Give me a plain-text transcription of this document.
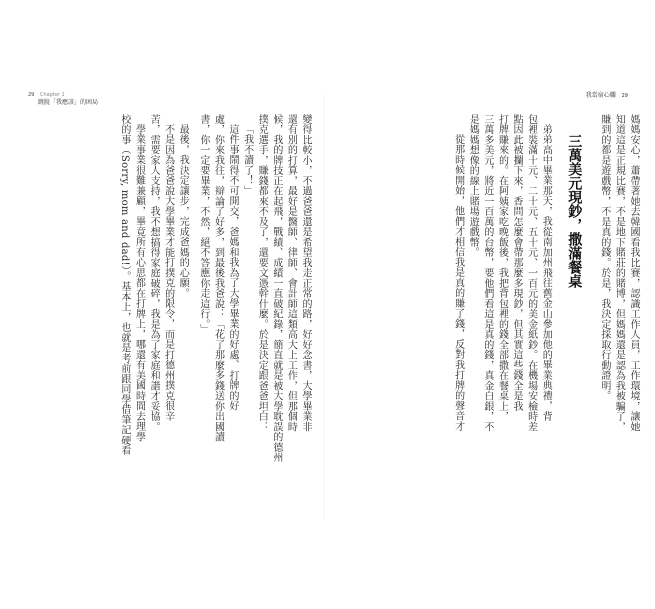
29 Chapter 1
跳脫「我應該」的困局
變得比較小，不過爸爸還是希望我走正常的路，好好念書，大學畢業非
還有別的打算，最好是醫師、律師、會計師這類高大上工作，但那個時
候，我的牌技正在起飛，戰績、成績一直破紀錄，簡直就是被大學耽誤的德州
撲克選手，賺錢都來不及了，還要文憑幹什麼。於是決定跟爸爸坦白：
「我不讀了！」
這件事鬧得不可開交，爸媽和我為了大學畢業的好處、打牌的好
處，你來我往，辯論了好多，到最後我爸說：「花了那麼多錢送你出國讀
書，你一定要畢業，不然，絕不答應你走這行。」
最後，我決定讓步，完成爸媽的心願。
不是因為爸爸說大學畢業才能打撲克的限令，而是打德州撲克很辛
苦，需要家人支持，我不想搞得家庭破碎，我是為了家庭和諧才妥協。
學業事業很難兼顧，畢竟所有心思都在打牌上，哪還有美國時間去理學
校的事（Sorry, mom and dad!）。基本上，也就是考前跟同學借筆記硬看
我當宿心爛 29
媽媽安心，蕭帶著她去韓國看我比賽，認識工作人員，工作環境，讓她
知道這是正規比賽，不是地下賭莊的賭博，但媽媽還是認為我被騙了，
賺到的都是遊戲幣，不是真的錢。於是，我決定採取行動證明。
三萬美元現鈔，撒滿餐桌
弟弟高中畢業那天，我從南加州飛往舊金山參加他的畢業典禮，背
包裡裝滿十元、二十元、五十元、一百元的美金紙鈔。在機場安檢時差
點因此被攔下來，香問怎麼會帶那麼多現鈔，但其實這些錢全是我
打牌賺來的。在阿姨家吃晚飯後，我把背包裡的錢全部撒在餐桌上，
三萬多美元，將近一百萬的台幣，要他們看這是真的錢，真金白銀，不
是媽媽想像的線上賭場遊戲幣。
從那時候開始，他們才相信我是真的賺了錢，反對我打牌的聲音才
